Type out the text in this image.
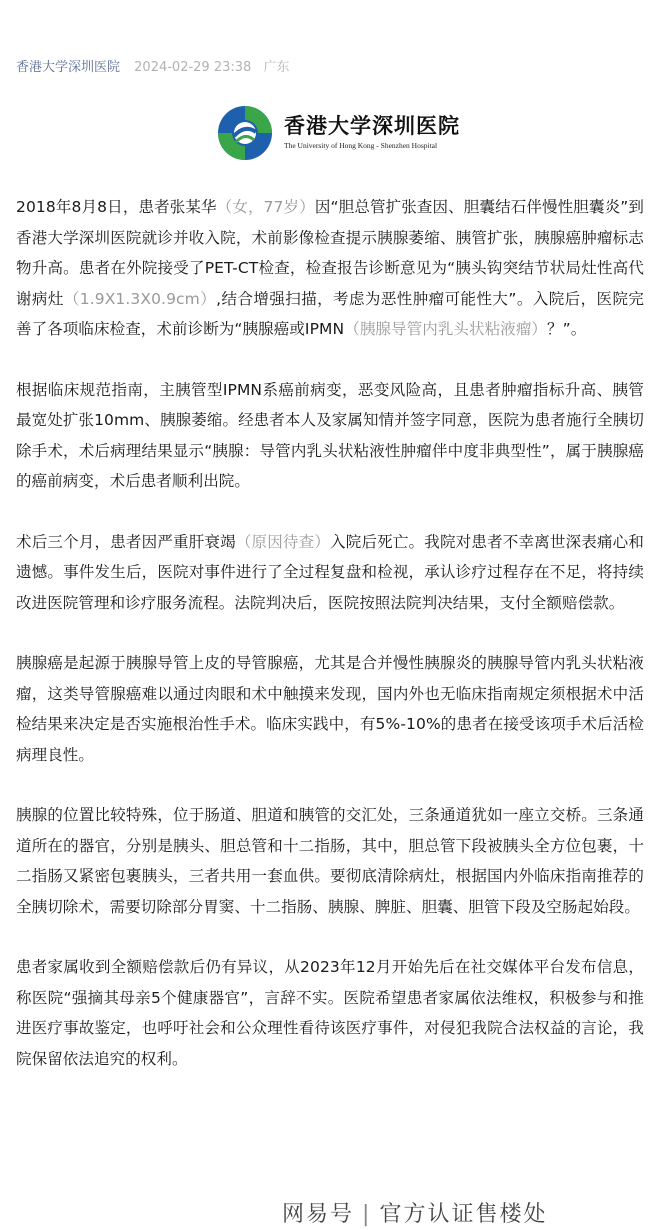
香港大学深圳医院 2024-02-29 23:38 广东
香港大学深圳医院
The University of Hong Kong - Shenzhen Hospital

2018年8月8日，患者张某华（女，77岁）因“胆总管扩张查因、胆囊结石伴慢性胆囊炎”到香港大学深圳医院就诊并收入院，术前影像检查提示胰腺萎缩、胰管扩张，胰腺癌肿瘤标志物升高。患者在外院接受了PET-CT检查，检查报告诊断意见为“胰头钩突结节状局灶性高代谢病灶（1.9X1.3X0.9cm）,结合增强扫描，考虑为恶性肿瘤可能性大”。入院后，医院完善了各项临床检查，术前诊断为“胰腺癌或IPMN（胰腺导管内乳头状粘液瘤）？”。

根据临床规范指南，主胰管型IPMN系癌前病变，恶变风险高，且患者肿瘤指标升高、胰管最宽处扩张10mm、胰腺萎缩。经患者本人及家属知情并签字同意，医院为患者施行全胰切除手术，术后病理结果显示“胰腺：导管内乳头状粘液性肿瘤伴中度非典型性”，属于胰腺癌的癌前病变，术后患者顺利出院。

术后三个月，患者因严重肝衰竭（原因待查）入院后死亡。我院对患者不幸离世深表痛心和遗憾。事件发生后，医院对事件进行了全过程复盘和检视，承认诊疗过程存在不足，将持续改进医院管理和诊疗服务流程。法院判决后，医院按照法院判决结果，支付全额赔偿款。

胰腺癌是起源于胰腺导管上皮的导管腺癌，尤其是合并慢性胰腺炎的胰腺导管内乳头状粘液瘤，这类导管腺癌难以通过肉眼和术中触摸来发现，国内外也无临床指南规定须根据术中活检结果来决定是否实施根治性手术。临床实践中，有5%-10%的患者在接受该项手术后活检病理良性。

胰腺的位置比较特殊，位于肠道、胆道和胰管的交汇处，三条通道犹如一座立交桥。三条通道所在的器官，分别是胰头、胆总管和十二指肠，其中，胆总管下段被胰头全方位包裹，十二指肠又紧密包裹胰头，三者共用一套血供。要彻底清除病灶，根据国内外临床指南推荐的全胰切除术，需要切除部分胃窦、十二指肠、胰腺、脾脏、胆囊、胆管下段及空肠起始段。

患者家属收到全额赔偿款后仍有异议，从2023年12月开始先后在社交媒体平台发布信息，称医院“强摘其母亲5个健康器官”，言辞不实。医院希望患者家属依法维权，积极参与和推进医疗事故鉴定，也呼吁社会和公众理性看待该医疗事件，对侵犯我院合法权益的言论，我院保留依法追究的权利。

网易号 | 官方认证售楼处
